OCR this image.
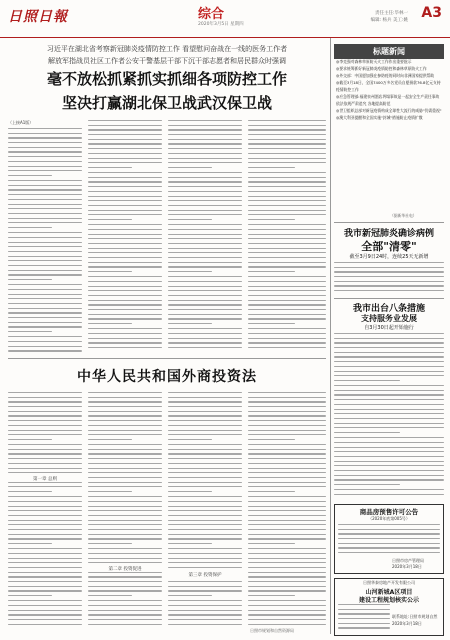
日照日報	综合
2020年3月5日 星期四
责任主任:毕林一
编辑: 杨兵 美工:姚 A3
习近平在湖北省考察新冠肺炎疫情防控工作 看望慰问奋战在一线的医务工作者
解放军指战员社区工作者公安干警基层干部下沉干部志愿者和居民群众时强调
毫不放松抓紧抓实抓细各项防控工作
坚决打赢湖北保卫战武汉保卫战
（上接A1版）
中华人民共和国外商投资法
第一章 总则
第二章 投资促进
第三章 投资保护
标题新闻
◎李克强对森林草原防灭火工作作出重要批示
◎要求统筹抓好新冠肺炎疫情防控和森林草原防火工作
◎外交部：中国愿加强在参防疫的同时向非洲国家提供帮助
◎截至3月18日，全国7400万多名党员自愿捐款76.8亿元支持疫情防控工作
◎应急管理部:福建泉州酒店坍塌事故是一起安全生产责任事故 依法依规严肃追究 各地提高防范
◎世卫组织总部对新冠疫情构成全球性大流行的威胁"仍需重视"
◎澳大利亚提醒和全国实施"封城"措施防止疫情扩散
（据新华社电）
我市新冠肺炎确诊病例
全部"清零"
截至3月9日24时，连续25天无新增
我市出台八条措施
支持服务业发展
自3月30日起开始施行
商品房预售许可公告
（2020年底第005号）
日照市房产管理局
2020年3月18日
日照华泰房地产开发有限公司
山河新城A区项目
建设工程规划核实公示
联系地址:日照市规划自然
2020年3月18日
日照市规划和自然资源局
